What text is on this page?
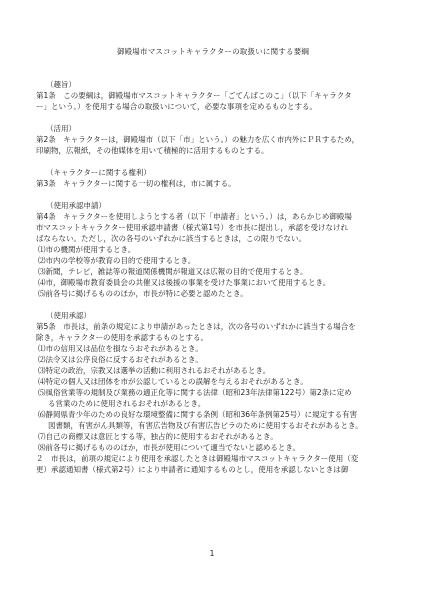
御殿場市マスコットキャラクターの取扱いに関する要綱

（趣旨）

第1条　この要綱は，御殿場市マスコットキャラクター「ごてんばこのこ」（以下「キャラクタ

ー」という。）を使用する場合の取扱いについて，必要な事項を定めるものとする。

（活用）

第2条　キャラクターは，御殿場市（以下「市」という。）の魅力を広く市内外にＰＲするため，

印刷物，広報紙，その他媒体を用いて積極的に活用するものとする。

（キャラクターに関する権利）

第3条　キャラクターに関する一切の権利は，市に属する。

（使用承認申請）

第4条　キャラクターを使用しようとする者（以下「申請者」という。）は，あらかじめ御殿場

市マスコットキャラクター使用承認申請書（様式第1号）を市長に提出し，承認を受けなけれ

ばならない。ただし，次の各号のいずれかに該当するときは，この限りでない。

⑴市の機関が使用するとき。

⑵市内の学校等が教育の目的で使用するとき。

⑶新聞，テレビ，雑誌等の報道関係機関が報道又は広報の目的で使用するとき。

⑷市，御殿場市教育委員会の共催又は後援の事業を受けた事業において使用するとき。

⑸前各号に掲げるもののほか，市長が特に必要と認めたとき。

（使用承認）

第5条　市長は，前条の規定により申請があったときは，次の各号のいずれかに該当する場合を

除き，キャラクターの使用を承認するものとする。

⑴市の信用又は品位を損なうおそれがあるとき。

⑵法令又は公序良俗に反するおそれがあるとき。

⑶特定の政治，宗教又は選挙の活動に利用されるおそれがあるとき。

⑷特定の個人又は団体を市が公認しているとの誤解を与えるおそれがあるとき。

⑸風俗営業等の規制及び業務の適正化等に関する法律（昭和23年法律第122号）第2条に定め

る営業のために使用されるおそれがあるとき。

⑹静岡県青少年のための良好な環境整備に関する条例（昭和36年条例第25号）に規定する有害

図書類，有害がん具類等，有害広告物及び有害広告ビラのために使用するおそれがあるとき。

⑺自己の商標又は意匠とする等，独占的に使用するおそれがあるとき。

⑻前各号に掲げるもののほか，市長が使用について適当でないと認めるとき。

２　市長は，前項の規定により使用を承認したときは御殿場市マスコットキャラクター使用（変

更）承認通知書（様式第2号）により申請者に通知するものとし，使用を承認しないときは御

1
